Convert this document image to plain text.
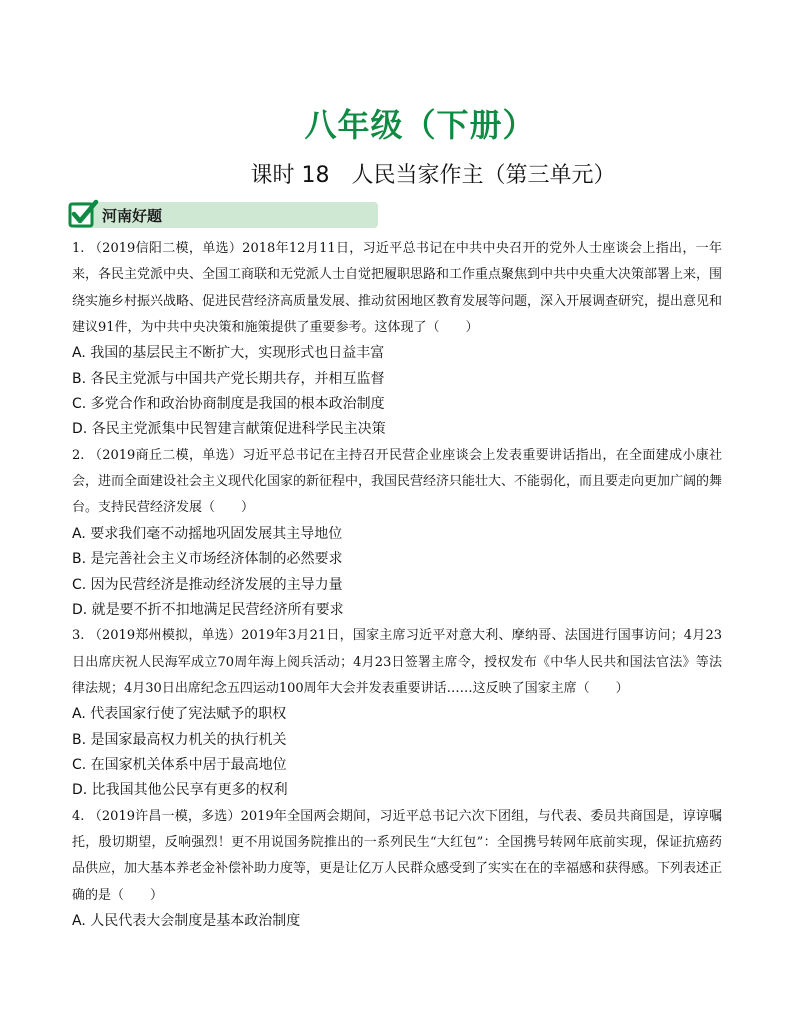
八年级（下册）
课时 18　人民当家作主（第三单元）
河南好题
1. （2019信阳二模，单选）2018年12月11日，习近平总书记在中共中央召开的党外人士座谈会上指出，一年来，各民主党派中央、全国工商联和无党派人士自觉把履职思路和工作重点聚焦到中共中央重大决策部署上来，围绕实施乡村振兴战略、促进民营经济高质量发展、推动贫困地区教育发展等问题，深入开展调查研究，提出意见和建议91件，为中共中央决策和施策提供了重要参考。这体现了（　　）
A. 我国的基层民主不断扩大，实现形式也日益丰富
B. 各民主党派与中国共产党长期共存，并相互监督
C. 多党合作和政治协商制度是我国的根本政治制度
D. 各民主党派集中民智建言献策促进科学民主决策
2. （2019商丘二模，单选）习近平总书记在主持召开民营企业座谈会上发表重要讲话指出，在全面建成小康社会，进而全面建设社会主义现代化国家的新征程中，我国民营经济只能壮大、不能弱化，而且要走向更加广阔的舞台。支持民营经济发展（　　）
A. 要求我们毫不动摇地巩固发展其主导地位
B. 是完善社会主义市场经济体制的必然要求
C. 因为民营经济是推动经济发展的主导力量
D. 就是要不折不扣地满足民营经济所有要求
3. （2019郑州模拟，单选）2019年3月21日，国家主席习近平对意大利、摩纳哥、法国进行国事访问；4月23日出席庆祝人民海军成立70周年海上阅兵活动；4月23日签署主席令，授权发布《中华人民共和国法官法》等法律法规；4月30日出席纪念五四运动100周年大会并发表重要讲话……这反映了国家主席（　　）
A. 代表国家行使了宪法赋予的职权
B. 是国家最高权力机关的执行机关
C. 在国家机关体系中居于最高地位
D. 比我国其他公民享有更多的权利
4. （2019许昌一模，多选）2019年全国两会期间，习近平总书记六次下团组，与代表、委员共商国是，谆谆嘱托，殷切期望，反响强烈！更不用说国务院推出的一系列民生“大红包”：全国携号转网年底前实现，保证抗癌药品供应，加大基本养老金补偿补助力度等，更是让亿万人民群众感受到了实实在在的幸福感和获得感。下列表述正确的是（　　）
A. 人民代表大会制度是基本政治制度
